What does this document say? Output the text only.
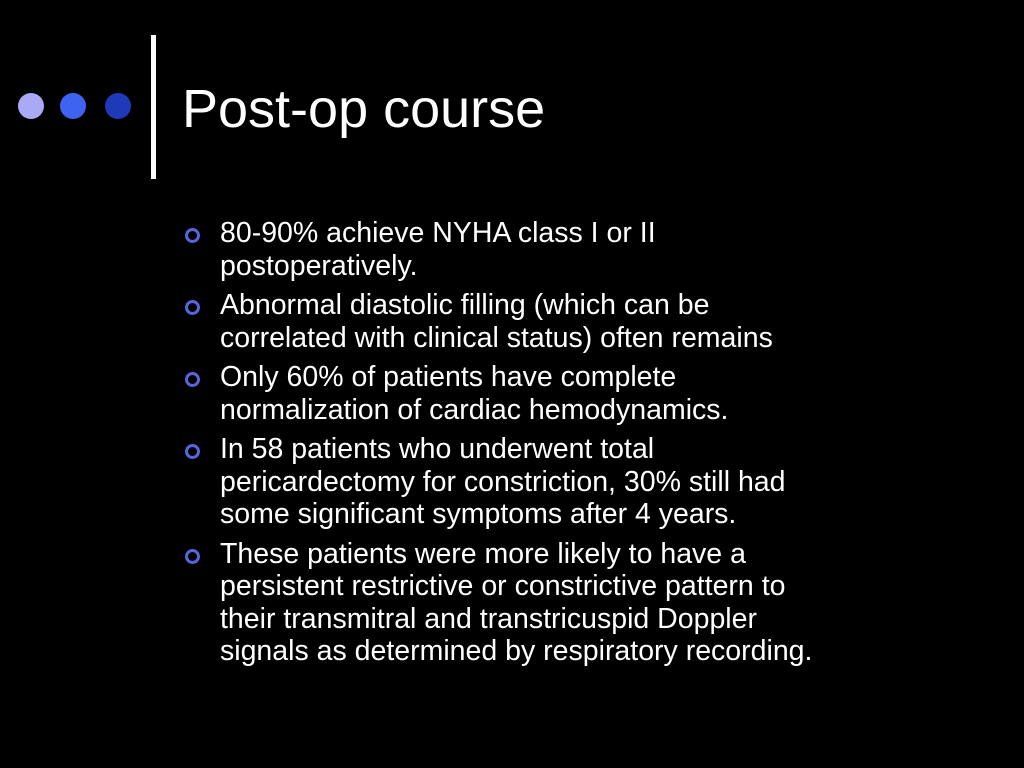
Post-op course
80-90% achieve NYHA class I or II
postoperatively.
Abnormal diastolic filling (which can be
correlated with clinical status) often remains
Only 60% of patients have complete
normalization of cardiac hemodynamics.
In 58 patients who underwent total
pericardectomy for constriction, 30% still had
some significant symptoms after 4 years.
These patients were more likely to have a
persistent restrictive or constrictive pattern to
their transmitral and transtricuspid Doppler
signals as determined by respiratory recording.
